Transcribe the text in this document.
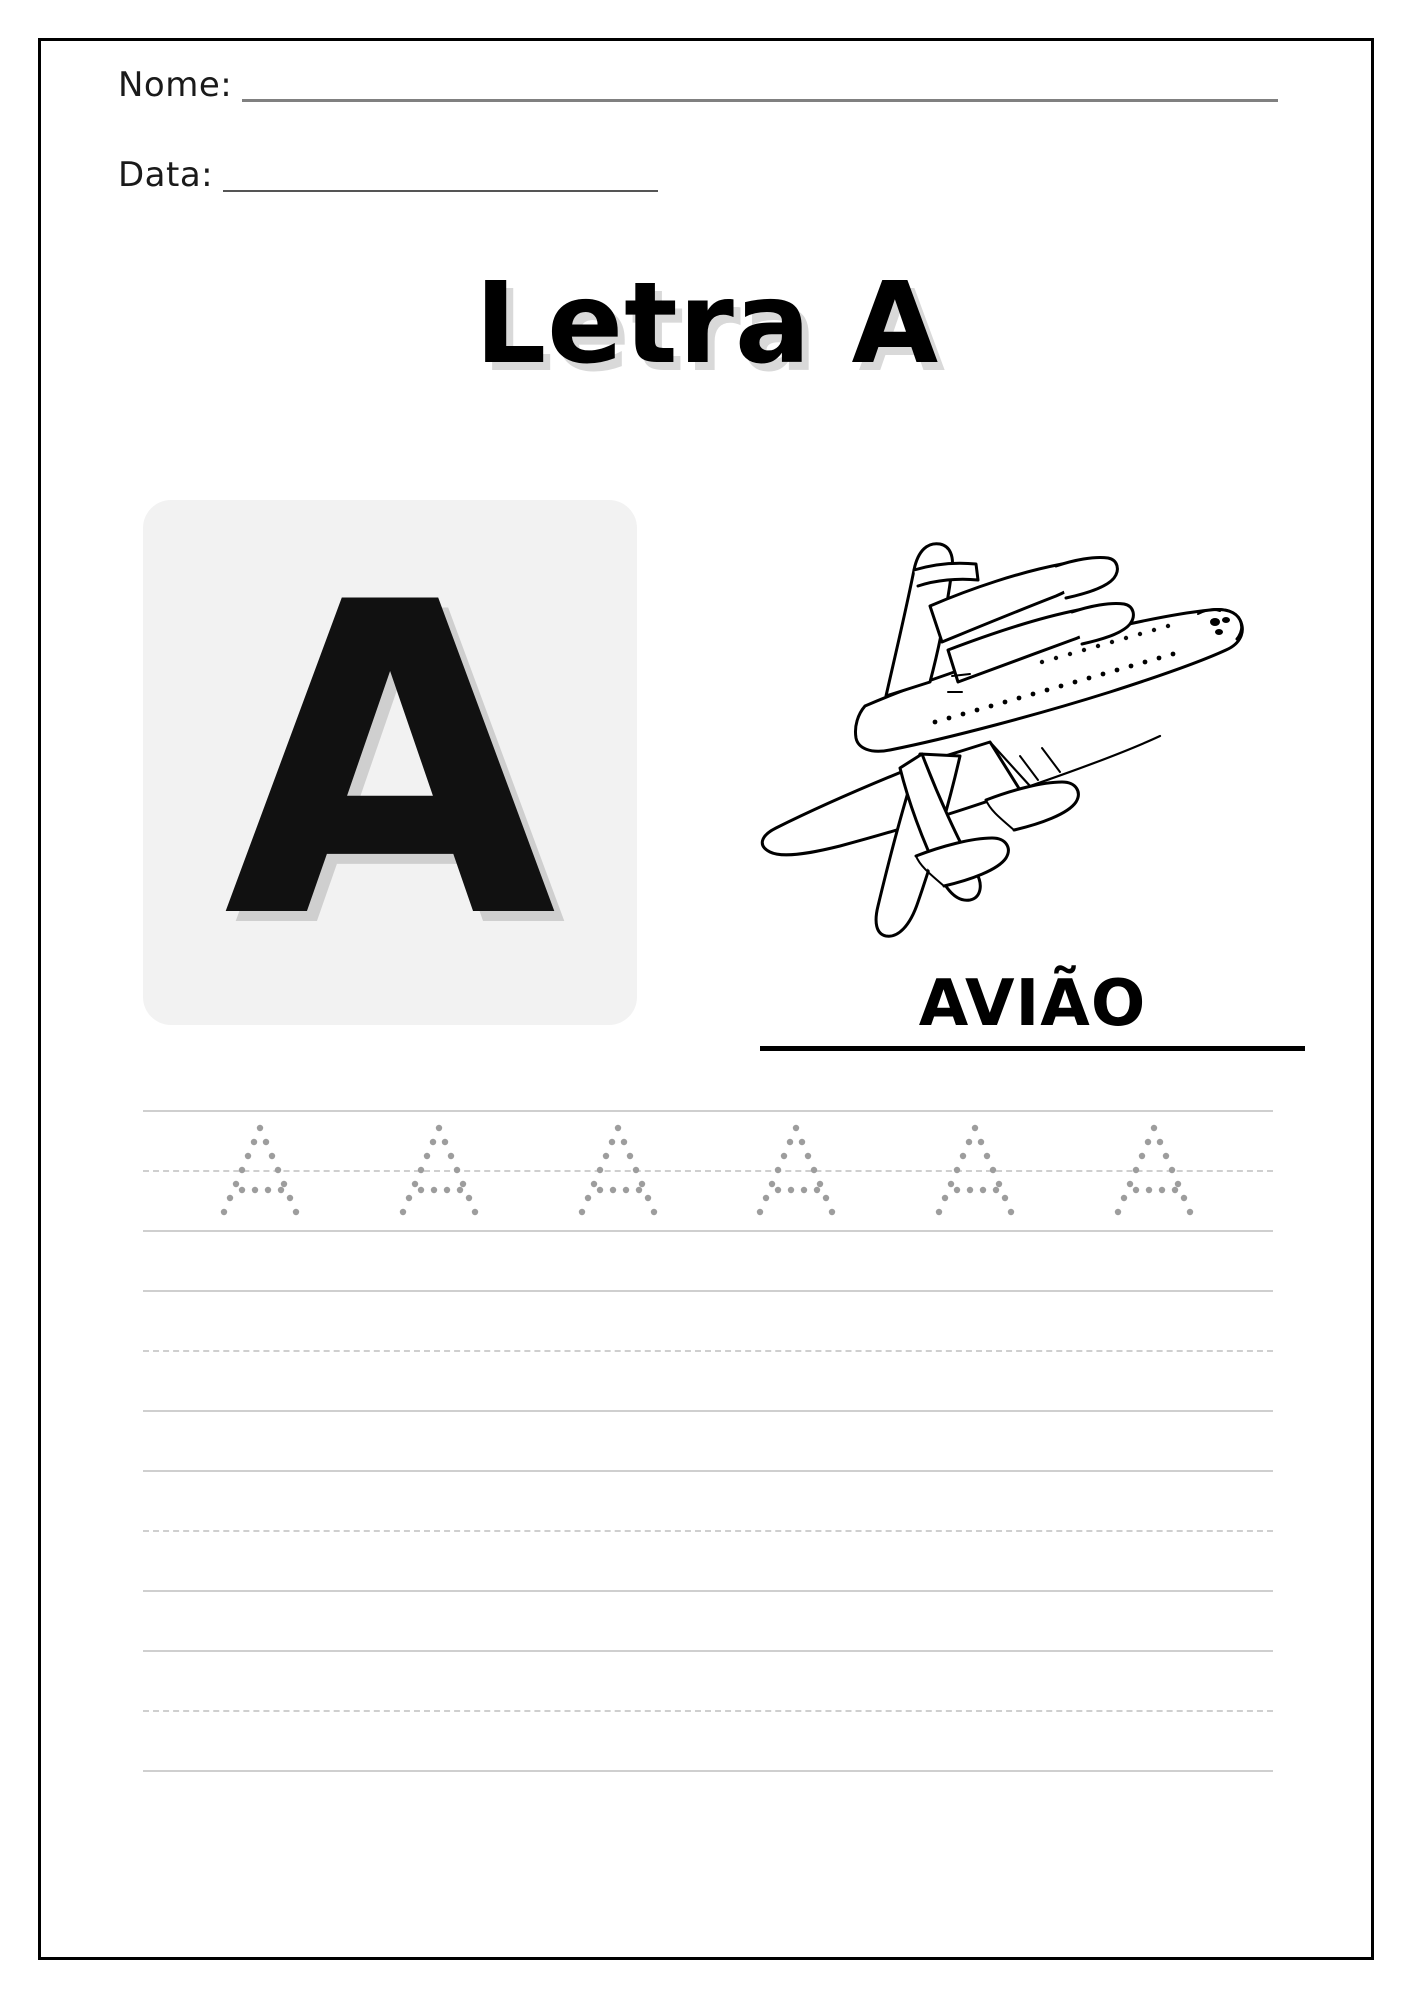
Nome:
Data:
Letra A
A	AVIÃO
